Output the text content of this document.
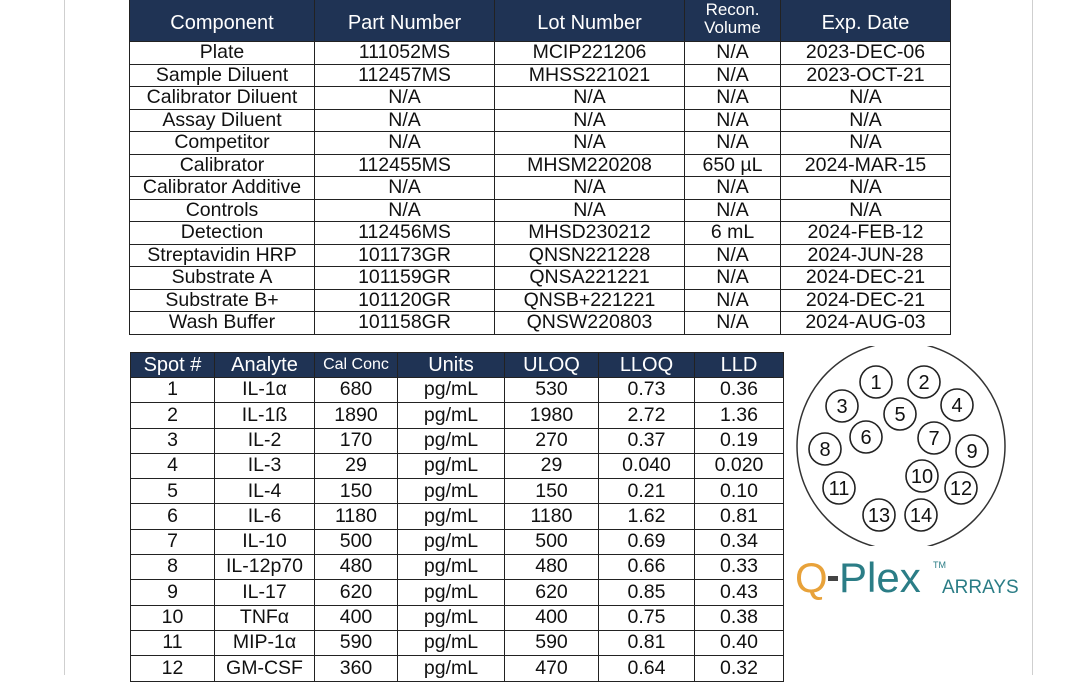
Component	Part Number	Lot Number	Recon. Volume	Exp. Date
Plate	111052MS	MCIP221206	N/A	2023-DEC-06
Sample Diluent	112457MS	MHSS221021	N/A	2023-OCT-21
Calibrator Diluent	N/A	N/A	N/A	N/A
Assay Diluent	N/A	N/A	N/A	N/A
Competitor	N/A	N/A	N/A	N/A
Calibrator	112455MS	MHSM220208	650 µL	2024-MAR-15
Calibrator Additive	N/A	N/A	N/A	N/A
Controls	N/A	N/A	N/A	N/A
Detection	112456MS	MHSD230212	6 mL	2024-FEB-12
Streptavidin HRP	101173GR	QNSN221228	N/A	2024-JUN-28
Substrate A	101159GR	QNSA221221	N/A	2024-DEC-21
Substrate B+	101120GR	QNSB+221221	N/A	2024-DEC-21
Wash Buffer	101158GR	QNSW220803	N/A	2024-AUG-03
Spot #	Analyte	Cal Conc	Units	ULOQ	LLOQ	LLD
1	IL-1α	680	pg/mL	530	0.73	0.36
2	IL-1ß	1890	pg/mL	1980	2.72	1.36
3	IL-2	170	pg/mL	270	0.37	0.19
4	IL-3	29	pg/mL	29	0.040	0.020
5	IL-4	150	pg/mL	150	0.21	0.10
6	IL-6	1180	pg/mL	1180	1.62	0.81
7	IL-10	500	pg/mL	500	0.69	0.34
8	IL-12p70	480	pg/mL	480	0.66	0.33
9	IL-17	620	pg/mL	620	0.85	0.43
10	TNFα	400	pg/mL	400	0.75	0.38
11	MIP-1α	590	pg/mL	590	0.81	0.40
12	GM-CSF	360	pg/mL	470	0.64	0.32
1 2
3	4
5
6	7
8	9
10
11	12
13 14
Q Plex TM
ARRAYS
